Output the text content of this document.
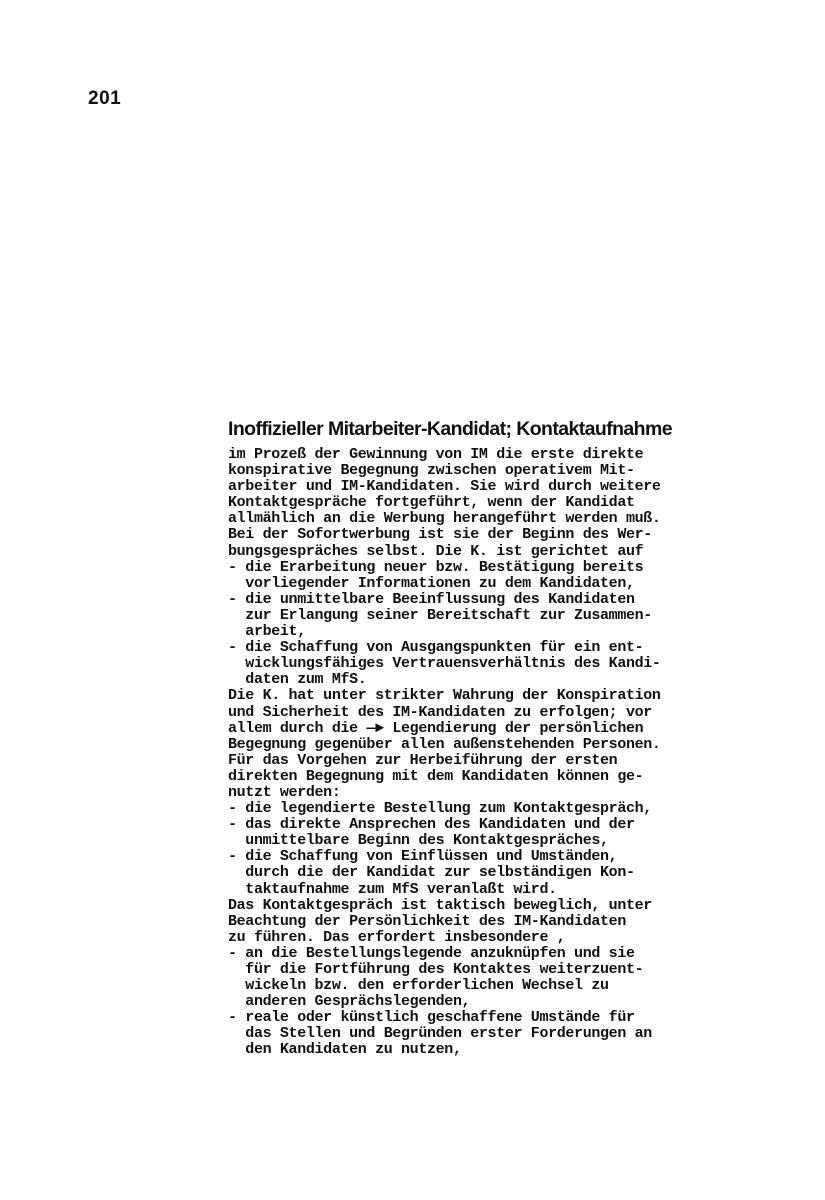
201
Inoffizieller Mitarbeiter-Kandidat; Kontaktaufnahme
im Prozeß der Gewinnung von IM die erste direkte
konspirative Begegnung zwischen operativem Mit-
arbeiter und IM-Kandidaten. Sie wird durch weitere
Kontaktgespräche fortgeführt, wenn der Kandidat
allmählich an die Werbung herangeführt werden muß.
Bei der Sofortwerbung ist sie der Beginn des Wer-
bungsgespräches selbst. Die K. ist gerichtet auf
- die Erarbeitung neuer bzw. Bestätigung bereits
vorliegender Informationen zu dem Kandidaten,
- die unmittelbare Beeinflussung des Kandidaten
zur Erlangung seiner Bereitschaft zur Zusammen-
arbeit,
- die Schaffung von Ausgangspunkten für ein ent-
wicklungsfähiges Vertrauensverhältnis des Kandi-
daten zum MfS.
Die K. hat unter strikter Wahrung der Konspiration
und Sicherheit des IM-Kandidaten zu erfolgen; vor
allem durch die —► Legendierung der persönlichen
Begegnung gegenüber allen außenstehenden Personen.
Für das Vorgehen zur Herbeiführung der ersten
direkten Begegnung mit dem Kandidaten können ge-
nutzt werden:
- die legendierte Bestellung zum Kontaktgespräch,
- das direkte Ansprechen des Kandidaten und der
unmittelbare Beginn des Kontaktgespräches,
- die Schaffung von Einflüssen und Umständen,
durch die der Kandidat zur selbständigen Kon-
taktaufnahme zum MfS veranlaßt wird.
Das Kontaktgespräch ist taktisch beweglich, unter
Beachtung der Persönlichkeit des IM-Kandidaten
zu führen. Das erfordert insbesondere ,
- an die Bestellungslegende anzuknüpfen und sie
für die Fortführung des Kontaktes weiterzuent-
wickeln bzw. den erforderlichen Wechsel zu
anderen Gesprächslegenden,
- reale oder künstlich geschaffene Umstände für
das Stellen und Begründen erster Forderungen an
den Kandidaten zu nutzen,
